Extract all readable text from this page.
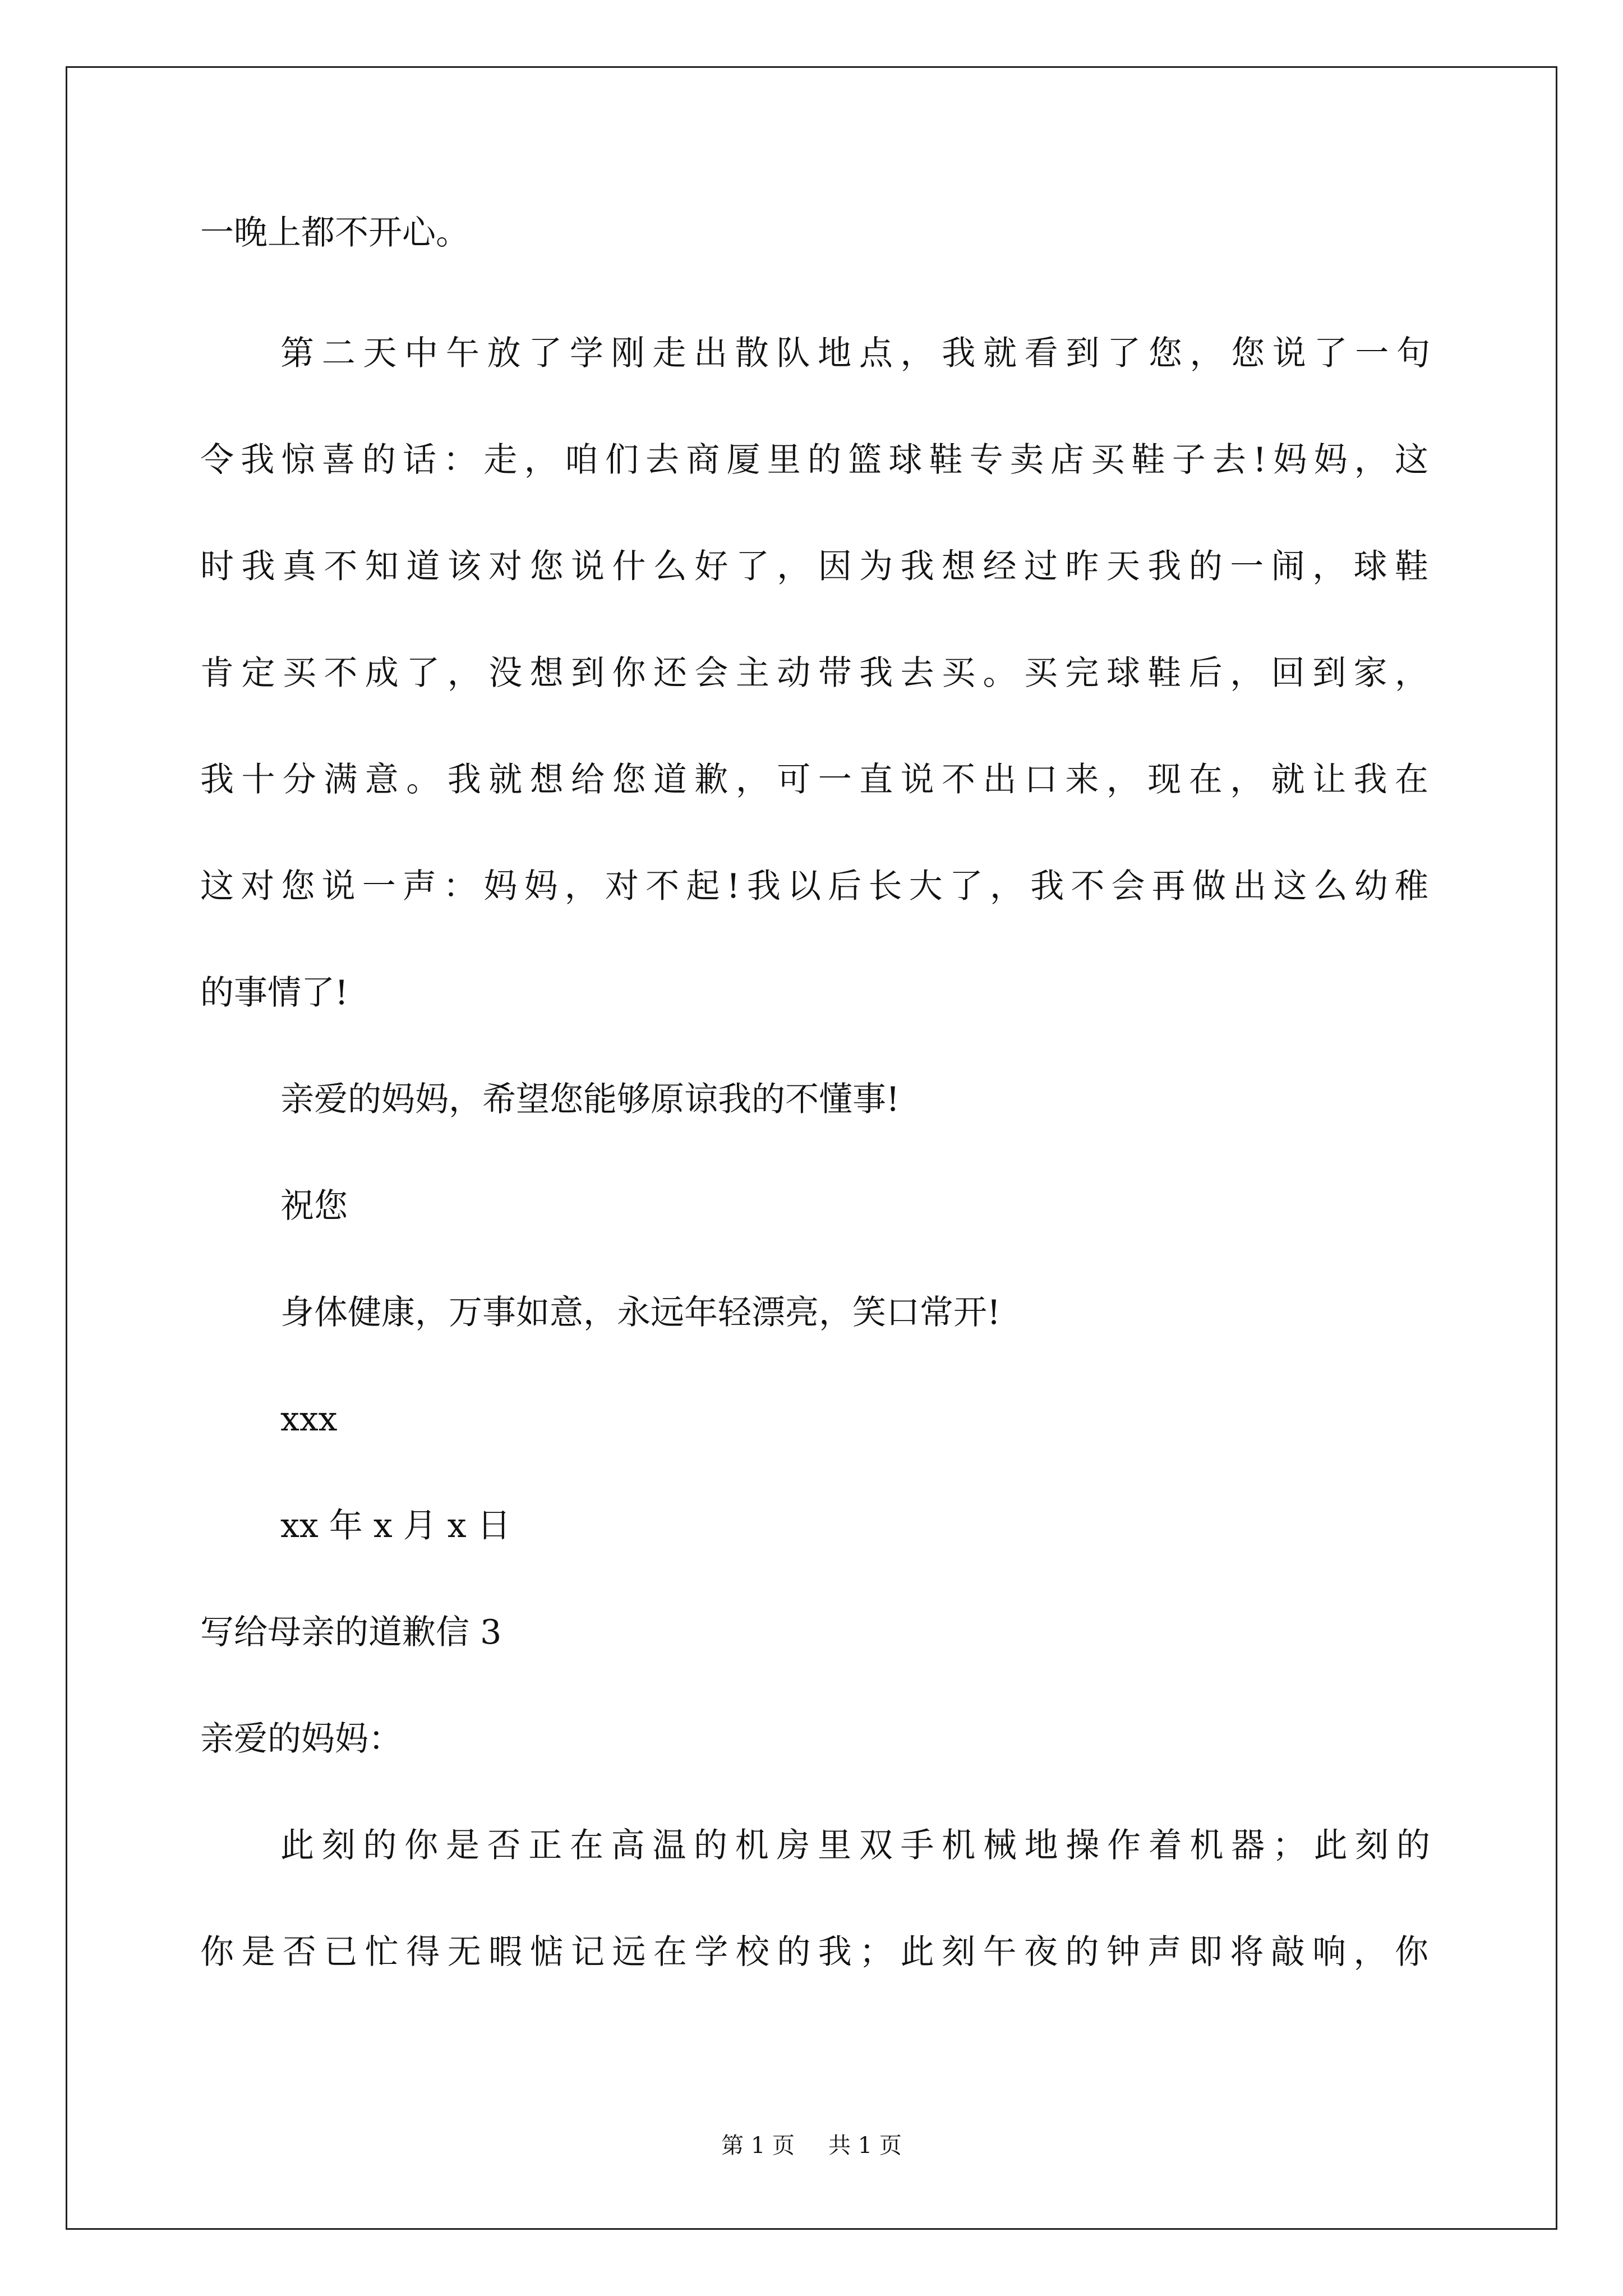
一晚上都不开心。
第二天中午放了学刚走出散队地点，我就看到了您，您说了一句
令我惊喜的话：走，咱们去商厦里的篮球鞋专卖店买鞋子去!妈妈，这
时我真不知道该对您说什么好了，因为我想经过昨天我的一闹，球鞋
肯定买不成了，没想到你还会主动带我去买。买完球鞋后，回到家，
我十分满意。我就想给您道歉，可一直说不出口来，现在，就让我在
这对您说一声：妈妈，对不起!我以后长大了，我不会再做出这么幼稚
的事情了!
亲爱的妈妈，希望您能够原谅我的不懂事!
祝您
身体健康，万事如意，永远年轻漂亮，笑口常开!
xxx
xx 年 x 月 x 日
写给母亲的道歉信 3
亲爱的妈妈：
此刻的你是否正在高温的机房里双手机械地操作着机器；此刻的
你是否已忙得无暇惦记远在学校的我；此刻午夜的钟声即将敲响，你
第 1 页 共 1 页
